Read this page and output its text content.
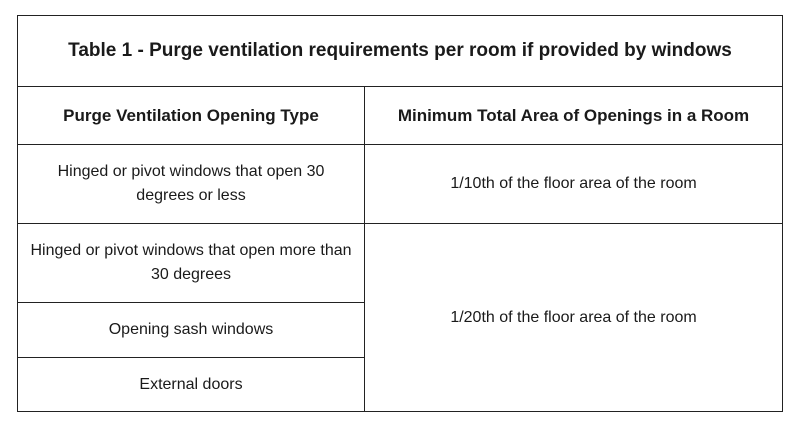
Table 1 - Purge ventilation requirements per room if provided by windows
Purge Ventilation Opening Type	Minimum Total Area of Openings in a Room
Hinged or pivot windows that open 30 degrees or less
1/10th of the floor area of the room
Hinged or pivot windows that open more than 30 degrees
Opening sash windows
External doors
1/20th of the floor area of the room
